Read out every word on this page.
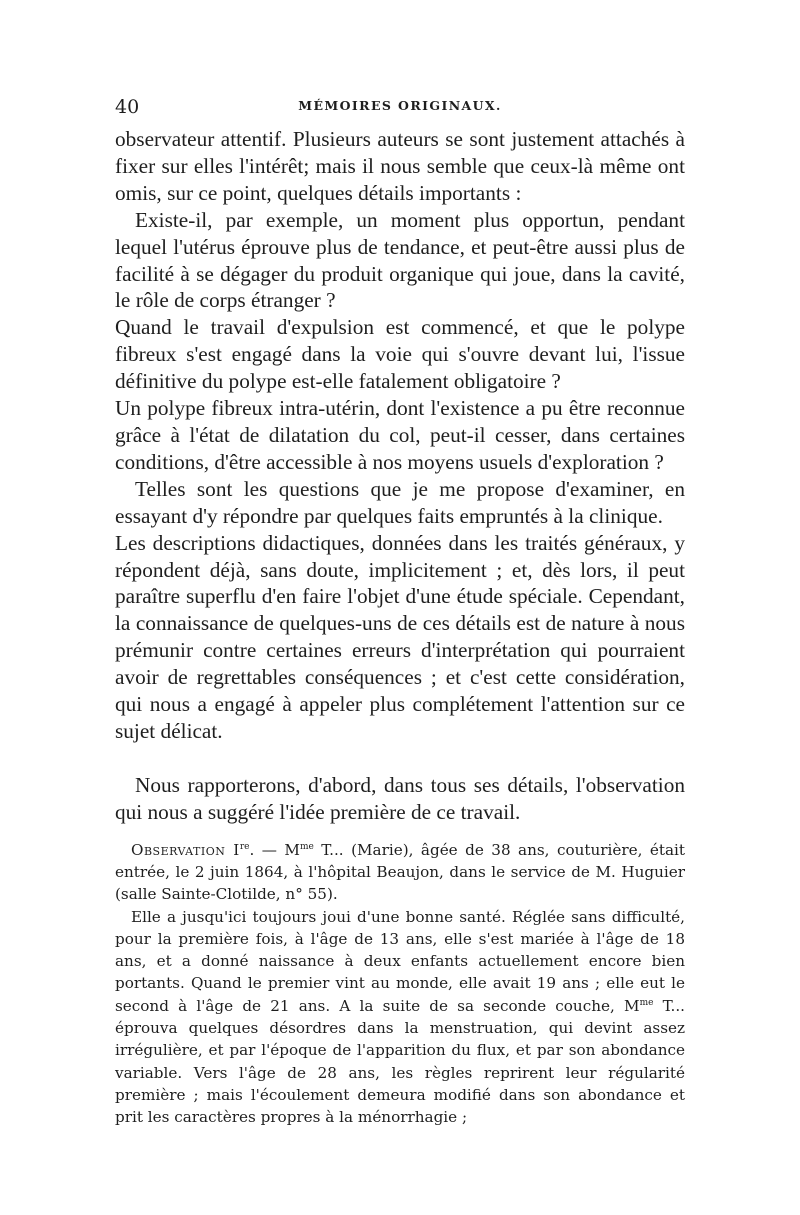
40	MÉMOIRES ORIGINAUX.

observateur attentif. Plusieurs auteurs se sont justement attachés à fixer sur elles l'intérêt; mais il nous semble que ceux-là même ont omis, sur ce point, quelques détails importants :

Existe-il, par exemple, un moment plus opportun, pendant lequel l'utérus éprouve plus de tendance, et peut-être aussi plus de facilité à se dégager du produit organique qui joue, dans la cavité, le rôle de corps étranger ?

Quand le travail d'expulsion est commencé, et que le polype fibreux s'est engagé dans la voie qui s'ouvre devant lui, l'issue définitive du polype est-elle fatalement obligatoire ?

Un polype fibreux intra-utérin, dont l'existence a pu être reconnue grâce à l'état de dilatation du col, peut-il cesser, dans certaines conditions, d'être accessible à nos moyens usuels d'exploration ?

Telles sont les questions que je me propose d'examiner, en essayant d'y répondre par quelques faits empruntés à la clinique.

Les descriptions didactiques, données dans les traités généraux, y répondent déjà, sans doute, implicitement ; et, dès lors, il peut paraître superflu d'en faire l'objet d'une étude spéciale. Cependant, la connaissance de quelques-uns de ces détails est de nature à nous prémunir contre certaines erreurs d'interprétation qui pourraient avoir de regrettables conséquences ; et c'est cette considération, qui nous a engagé à appeler plus complétement l'attention sur ce sujet délicat.

Nous rapporterons, d'abord, dans tous ses détails, l'observation qui nous a suggéré l'idée première de ce travail.

Observation Ire. — $M^{me}$ T... (Marie), âgée de 38 ans, couturière, était entrée, le 2 juin 1864, à l'hôpital Beaujon, dans le service de M. Huguier (salle Sainte-Clotilde, n° 55).

Elle a jusqu'ici toujours joui d'une bonne santé. Réglée sans difficulté, pour la première fois, à l'âge de 13 ans, elle s'est mariée à l'âge de 18 ans, et a donné naissance à deux enfants actuellement encore bien portants. Quand le premier vint au monde, elle avait 19 ans ; elle eut le second à l'âge de 21 ans. A la suite de sa seconde couche, $M^{me}$ T... éprouva quelques désordres dans la menstruation, qui devint assez irrégulière, et par l'époque de l'apparition du flux, et par son abondance variable. Vers l'âge de 28 ans, les règles reprirent leur régularité première ; mais l'écoulement demeura modifié dans son abondance et prit les caractères propres à la ménorrhagie ;
